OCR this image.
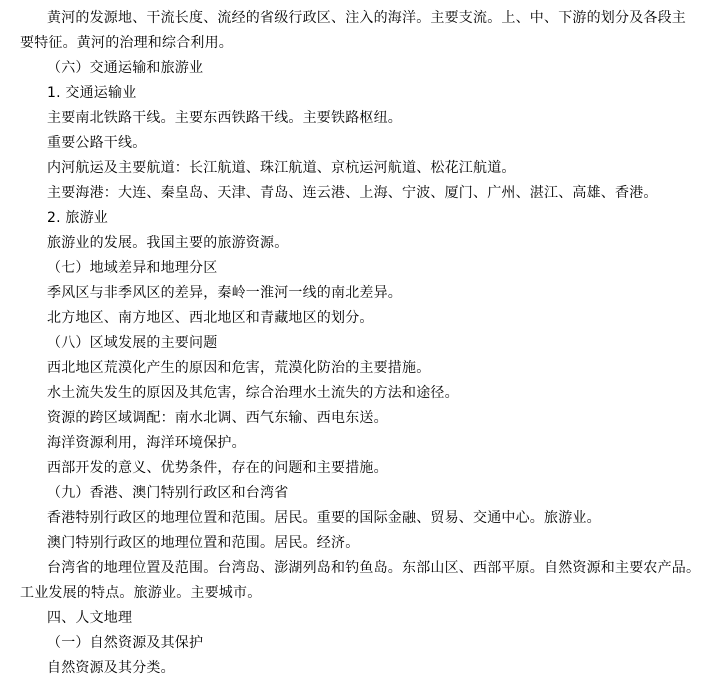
黄河的发源地、干流长度、流经的省级行政区、注入的海洋。主要支流。上、中、下游的划分及各段主
要特征。黄河的治理和综合利用。
（六）交通运输和旅游业
1. 交通运输业
主要南北铁路干线。主要东西铁路干线。主要铁路枢纽。
重要公路干线。
内河航运及主要航道：长江航道、珠江航道、京杭运河航道、松花江航道。
主要海港：大连、秦皇岛、天津、青岛、连云港、上海、宁波、厦门、广州、湛江、高雄、香港。
2. 旅游业
旅游业的发展。我国主要的旅游资源。
（七）地域差异和地理分区
季风区与非季风区的差异，秦岭一淮河一线的南北差异。
北方地区、南方地区、西北地区和青藏地区的划分。
（八）区域发展的主要问题
西北地区荒漠化产生的原因和危害，荒漠化防治的主要措施。
水土流失发生的原因及其危害，综合治理水土流失的方法和途径。
资源的跨区域调配：南水北调、西气东输、西电东送。
海洋资源利用，海洋环境保护。
西部开发的意义、优势条件，存在的问题和主要措施。
（九）香港、澳门特别行政区和台湾省
香港特别行政区的地理位置和范围。居民。重要的国际金融、贸易、交通中心。旅游业。
澳门特别行政区的地理位置和范围。居民。经济。
台湾省的地理位置及范围。台湾岛、澎湖列岛和钓鱼岛。东部山区、西部平原。自然资源和主要农产品。
工业发展的特点。旅游业。主要城市。
四、人文地理
（一）自然资源及其保护
自然资源及其分类。
